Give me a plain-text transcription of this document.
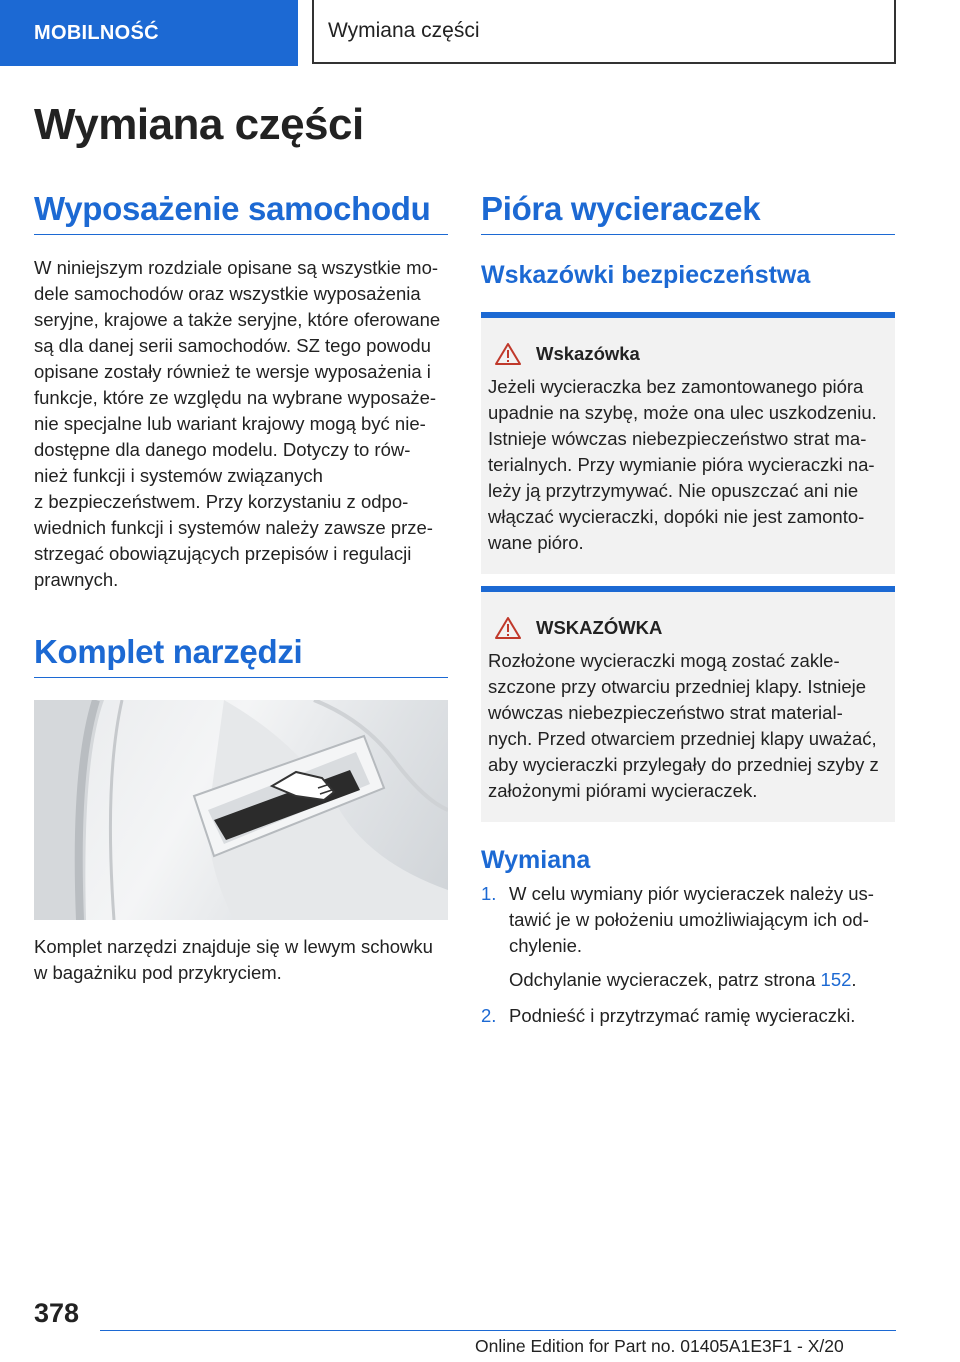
MOBILNOŚĆ	Wymiana części
Wymiana części
Wyposażenie samochodu

W niniejszym rozdziale opisane są wszystkie mo‐
dele samochodów oraz wszystkie wyposażenia
seryjne, krajowe a także seryjne, które oferowane
są dla danej serii samochodów. SZ tego powodu
opisane zostały również te wersje wyposażenia i
funkcje, które ze względu na wybrane wyposaże‐
nie specjalne lub wariant krajowy mogą być nie‐
dostępne dla danego modelu. Dotyczy to rów‐
nież funkcji i systemów związanych
z bezpieczeństwem. Przy korzystaniu z odpo‐
wiednich funkcji i systemów należy zawsze prze‐
strzegać obowiązujących przepisów i regulacji
prawnych.

Komplet narzędzi

Komplet narzędzi znajduje się w lewym schowku
w bagażniku pod przykryciem.

Pióra wycieraczek
Wskazówki bezpieczeństwa
Wskazówka

Jeżeli wycieraczka bez zamontowanego pióra
upadnie na szybę, może ona ulec uszkodzeniu.
Istnieje wówczas niebezpieczeństwo strat ma‐
terialnych. Przy wymianie pióra wycieraczki na‐
leży ją przytrzymywać. Nie opuszczać ani nie
włączać wycieraczki, dopóki nie jest zamonto‐
wane pióro.

WSKAZÓWKA

Rozłożone wycieraczki mogą zostać zakle‐
szczone przy otwarciu przedniej klapy. Istnieje
wówczas niebezpieczeństwo strat material‐
nych. Przed otwarciem przedniej klapy uważać,
aby wycieraczki przylegały do przedniej szyby z
założonymi piórami wycieraczek.

Wymiana
1. W celu wymiany piór wycieraczek należy us‐
tawić je w położeniu umożliwiającym ich od‐
chylenie.

Odchylanie wycieraczek, patrz strona 152.

2. Podnieść i przytrzymać ramię wycieraczki.

378
Online Edition for Part no. 01405A1E3F1 - X/20
